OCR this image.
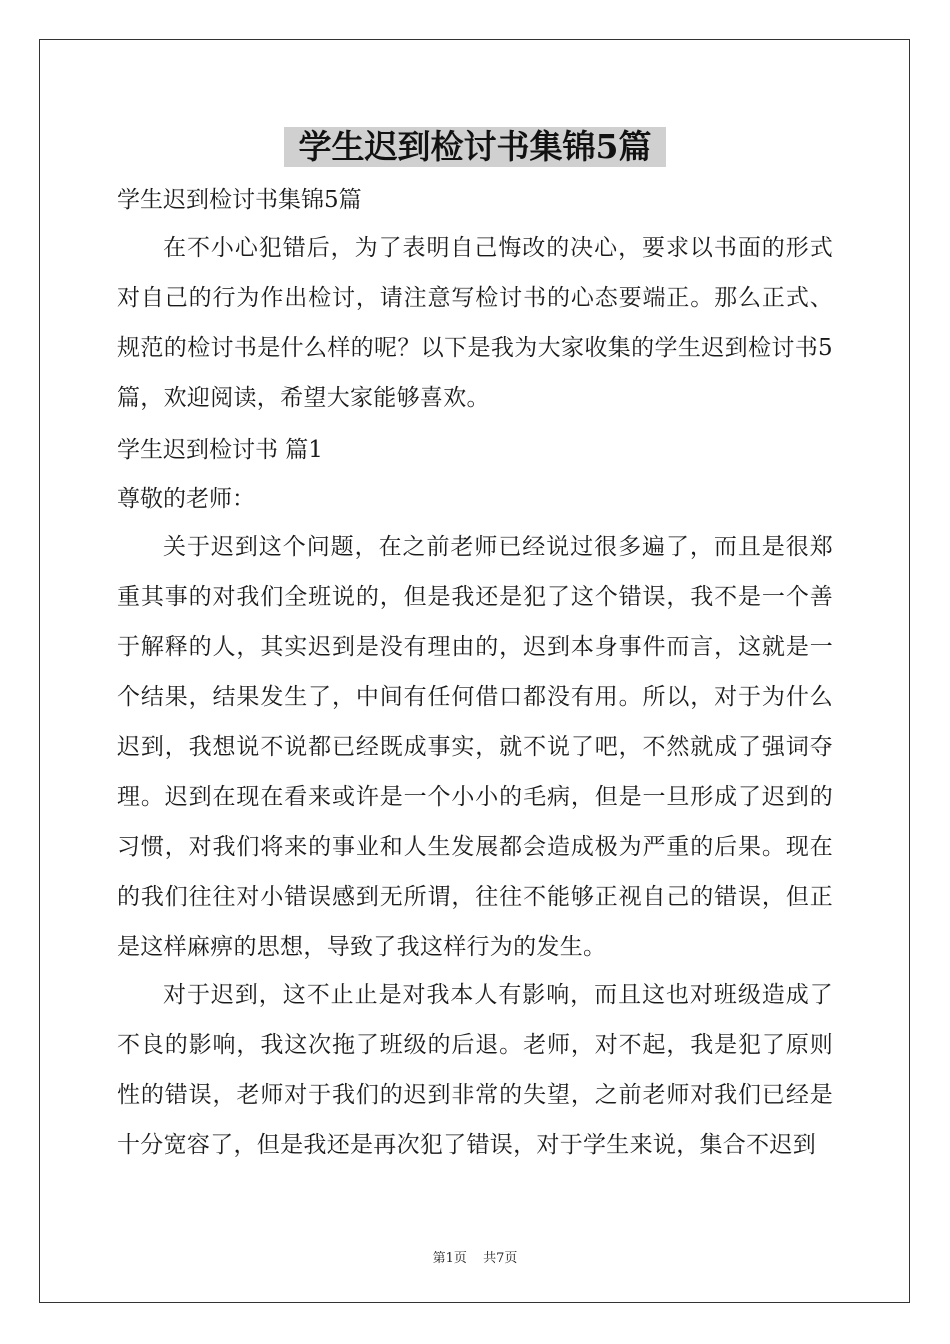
学生迟到检讨书集锦5篇
学生迟到检讨书集锦5篇
在不小心犯错后，为了表明自己悔改的决心，要求以书面的形式对自己的行为作出检讨，请注意写检讨书的心态要端正。那么正式、规范的检讨书是什么样的呢？以下是我为大家收集的学生迟到检讨书5篇，欢迎阅读，希望大家能够喜欢。
学生迟到检讨书 篇1
尊敬的老师：
关于迟到这个问题，在之前老师已经说过很多遍了，而且是很郑重其事的对我们全班说的，但是我还是犯了这个错误，我不是一个善于解释的人，其实迟到是没有理由的，迟到本身事件而言，这就是一个结果，结果发生了，中间有任何借口都没有用。所以，对于为什么迟到，我想说不说都已经既成事实，就不说了吧，不然就成了强词夺理。迟到在现在看来或许是一个小小的毛病，但是一旦形成了迟到的习惯，对我们将来的事业和人生发展都会造成极为严重的后果。现在的我们往往对小错误感到无所谓，往往不能够正视自己的错误，但正是这样麻痹的思想，导致了我这样行为的发生。
对于迟到，这不止止是对我本人有影响，而且这也对班级造成了不良的影响，我这次拖了班级的后退。老师，对不起，我是犯了原则性的错误，老师对于我们的迟到非常的失望，之前老师对我们已经是十分宽容了，但是我还是再次犯了错误，对于学生来说，集合不迟到
第1页 共7页
